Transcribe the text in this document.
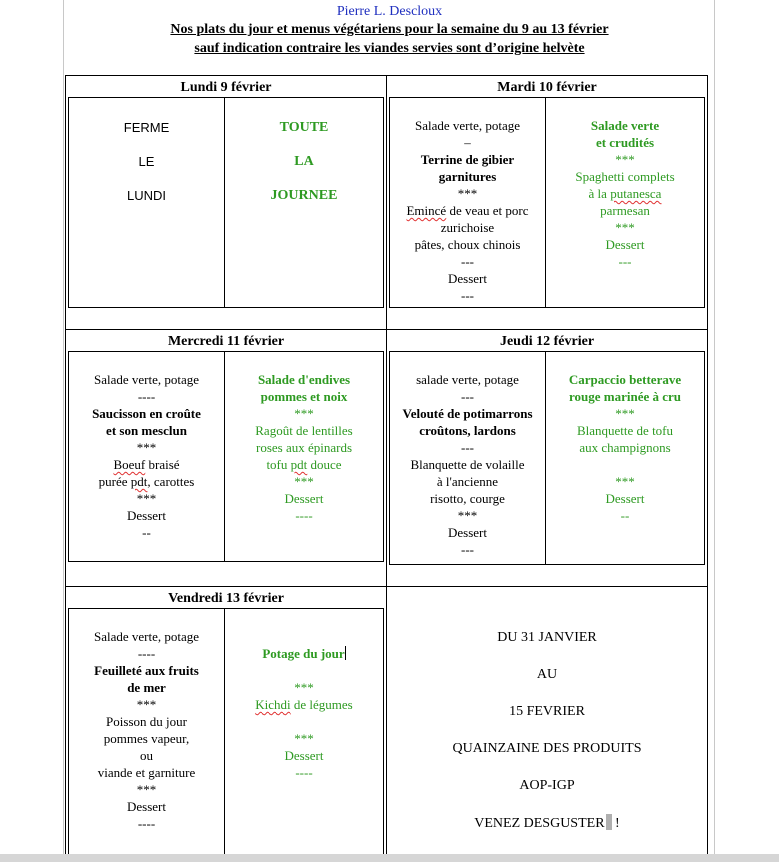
Pierre L. Descloux
Nos plats du jour et menus végétariens pour la semaine du 9 au 13 février
sauf indication contraire les viandes servies sont d’origine helvète
Lundi 9 février
FERME
LE
LUNDI
TOUTE
LA
JOURNEE
Mardi 10 février
Salade verte, potage
–
Terrine de gibier
garnitures
***
Emincé de veau et porc
zurichoise
pâtes, choux chinois
---
Dessert
---
Salade verte
et crudités
***
Spaghetti complets
à la putanesca
parmesan
***
Dessert
---
Mercredi 11 février
Salade verte, potage
----
Saucisson en croûte
et son mesclun
***
Boeuf braisé
purée pdt, carottes
***
Dessert
--
Salade d'endives
pommes et noix
***
Ragoût de lentilles
roses aux épinards
tofu pdt douce
***
Dessert
----
Jeudi 12 février
salade verte, potage
---
Velouté de potimarrons
croûtons, lardons
---
Blanquette de volaille
à l'ancienne
risotto, courge
***
Dessert
---
Carpaccio betterave
rouge marinée à cru
***
Blanquette de tofu
aux champignons
***
Dessert
--
Vendredi 13 février
Salade verte, potage
----
Feuilleté aux fruits
de mer
***
Poisson du jour
pommes vapeur,
ou
viande et garniture
***
Dessert
----
Potage du jour
***
Kichdi de légumes
***
Dessert
----
DU 31 JANVIER
AU
15 FEVRIER
QUAINZAINE DES PRODUITS
AOP-IGP
VENEZ DESGUSTER !
